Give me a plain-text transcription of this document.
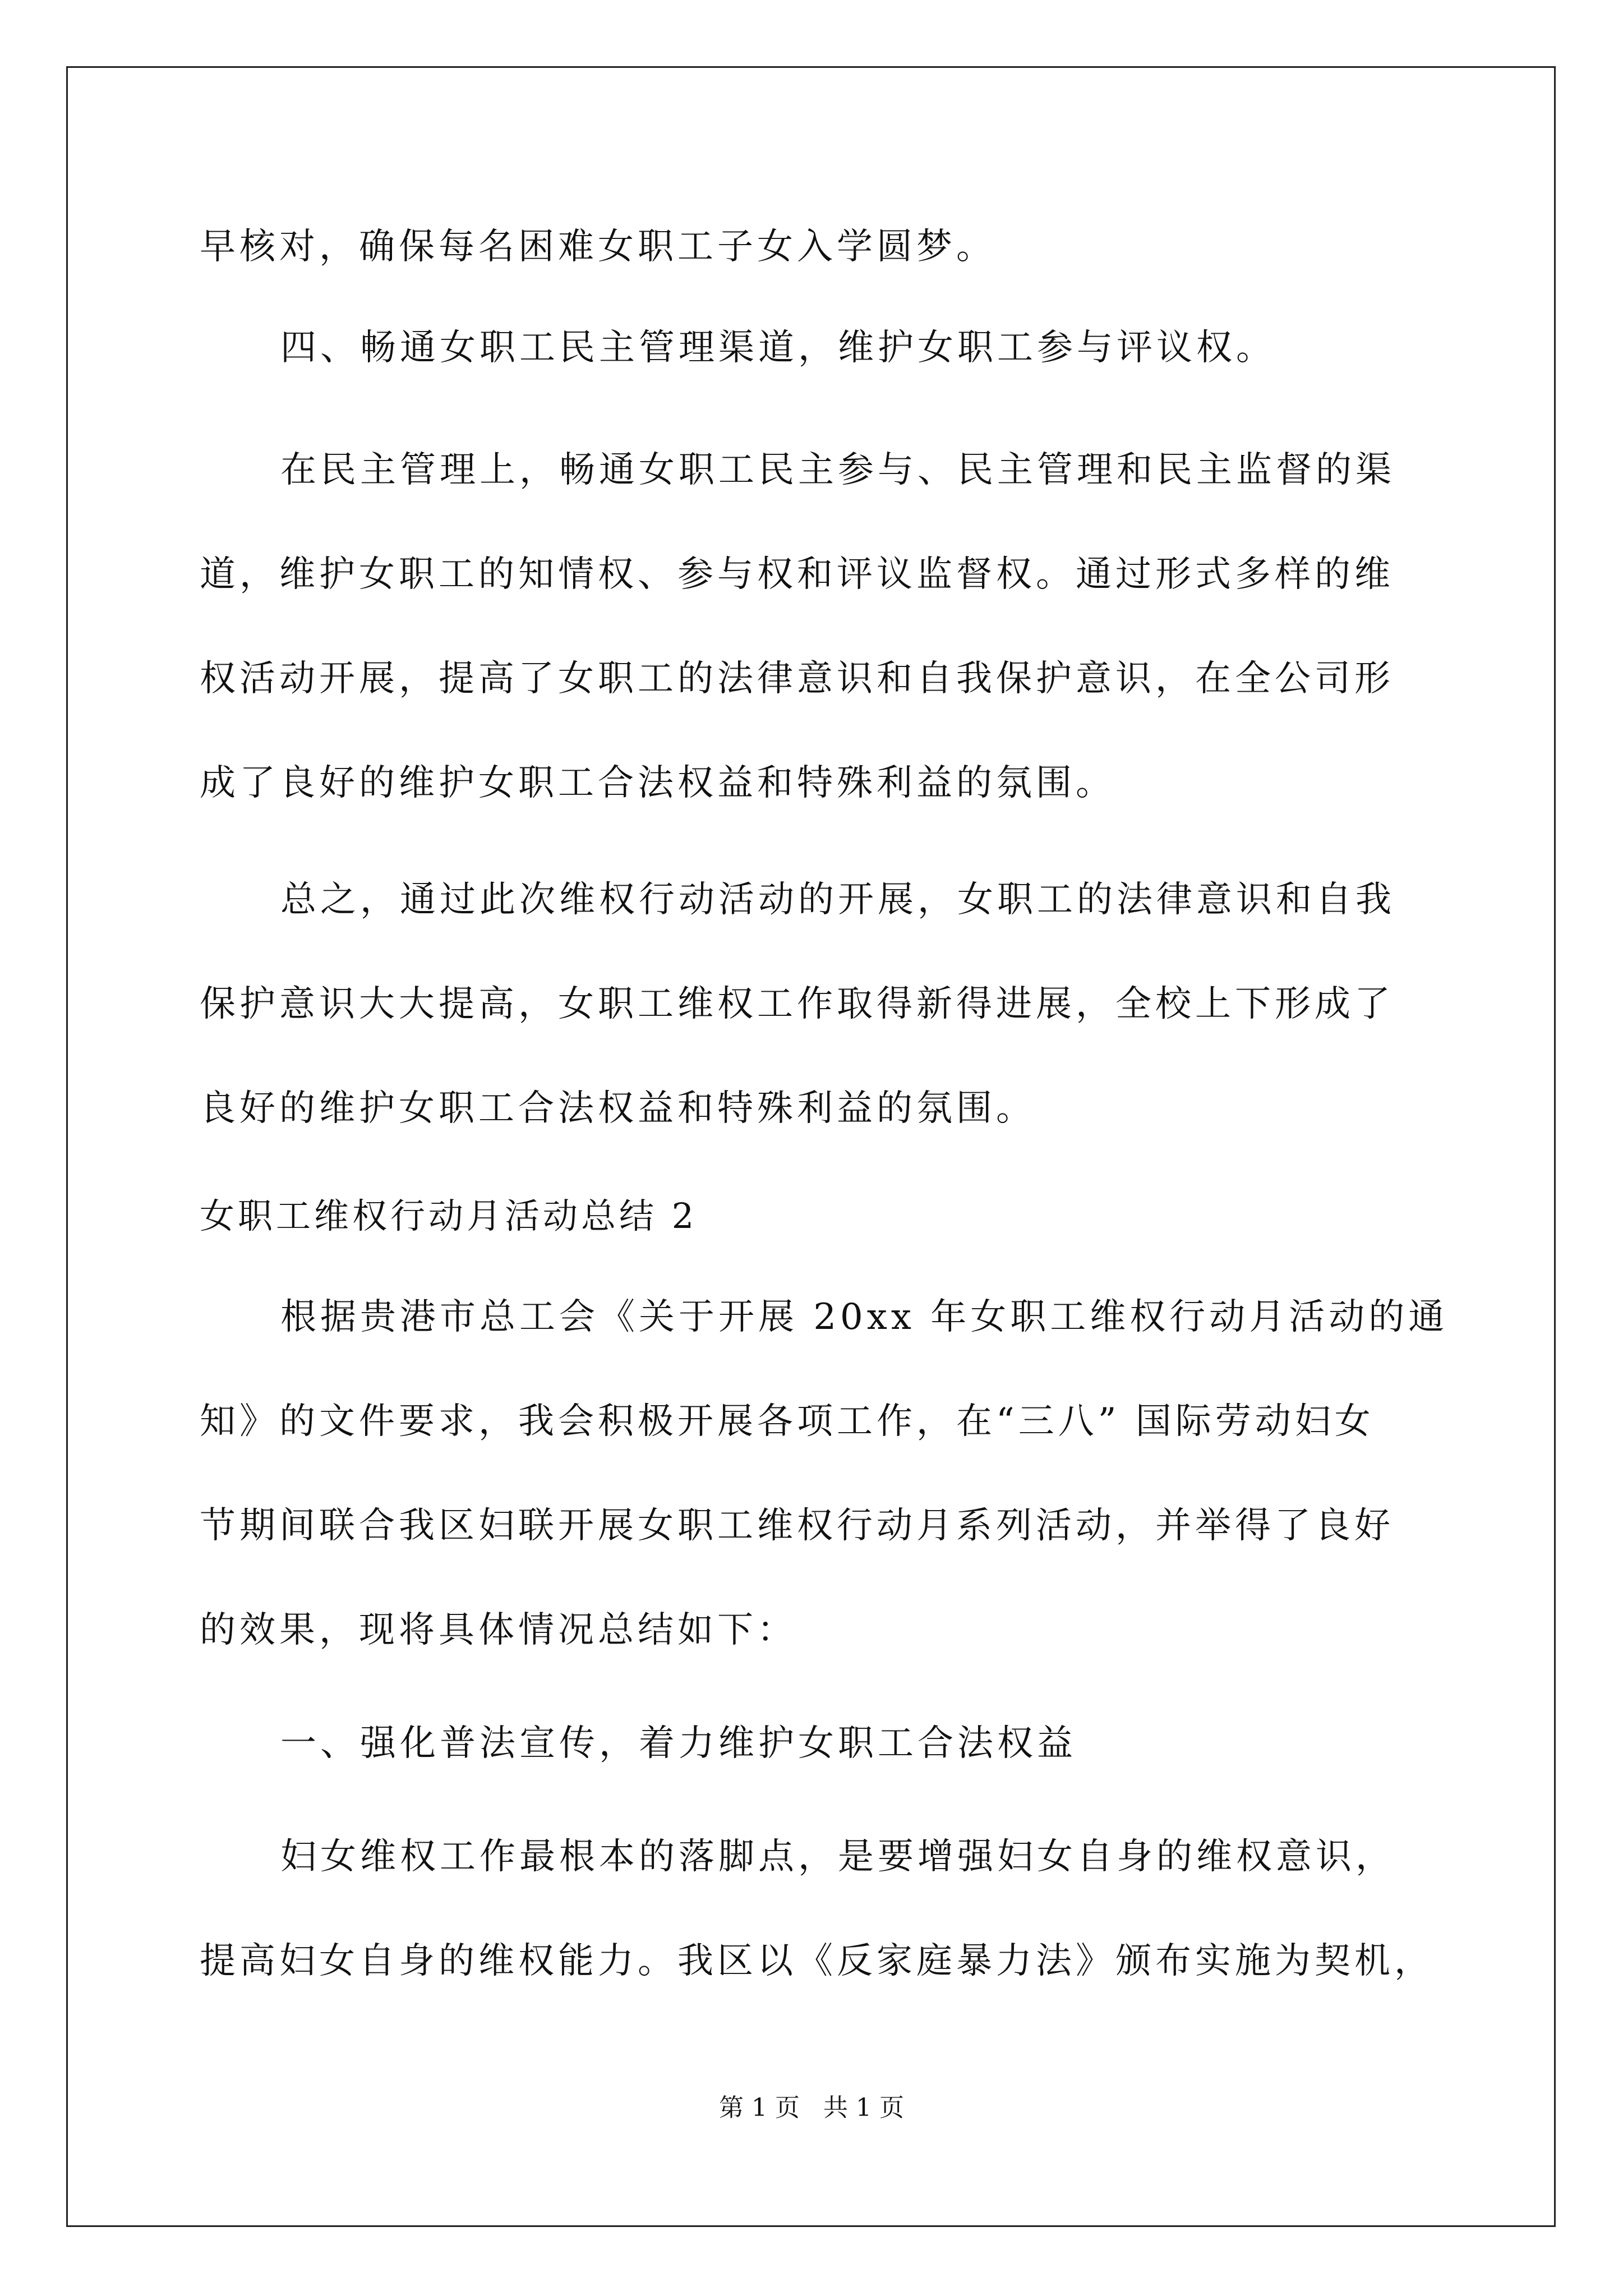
早核对，确保每名困难女职工子女入学圆梦。
四、畅通女职工民主管理渠道，维护女职工参与评议权。
在民主管理上，畅通女职工民主参与、民主管理和民主监督的渠
道，维护女职工的知情权、参与权和评议监督权。通过形式多样的维
权活动开展，提高了女职工的法律意识和自我保护意识，在全公司形
成了良好的维护女职工合法权益和特殊利益的氛围。
总之，通过此次维权行动活动的开展，女职工的法律意识和自我
保护意识大大提高，女职工维权工作取得新得进展，全校上下形成了
良好的维护女职工合法权益和特殊利益的氛围。
女职工维权行动月活动总结 2
根据贵港市总工会《关于开展 20xx 年女职工维权行动月活动的通
知》的文件要求，我会积极开展各项工作，在“三八” 国际劳动妇女
节期间联合我区妇联开展女职工维权行动月系列活动，并举得了良好
的效果，现将具体情况总结如下：
一、强化普法宣传，着力维护女职工合法权益
妇女维权工作最根本的落脚点，是要增强妇女自身的维权意识，
提高妇女自身的维权能力。我区以《反家庭暴力法》颁布实施为契机，
第 1 页   共 1 页
